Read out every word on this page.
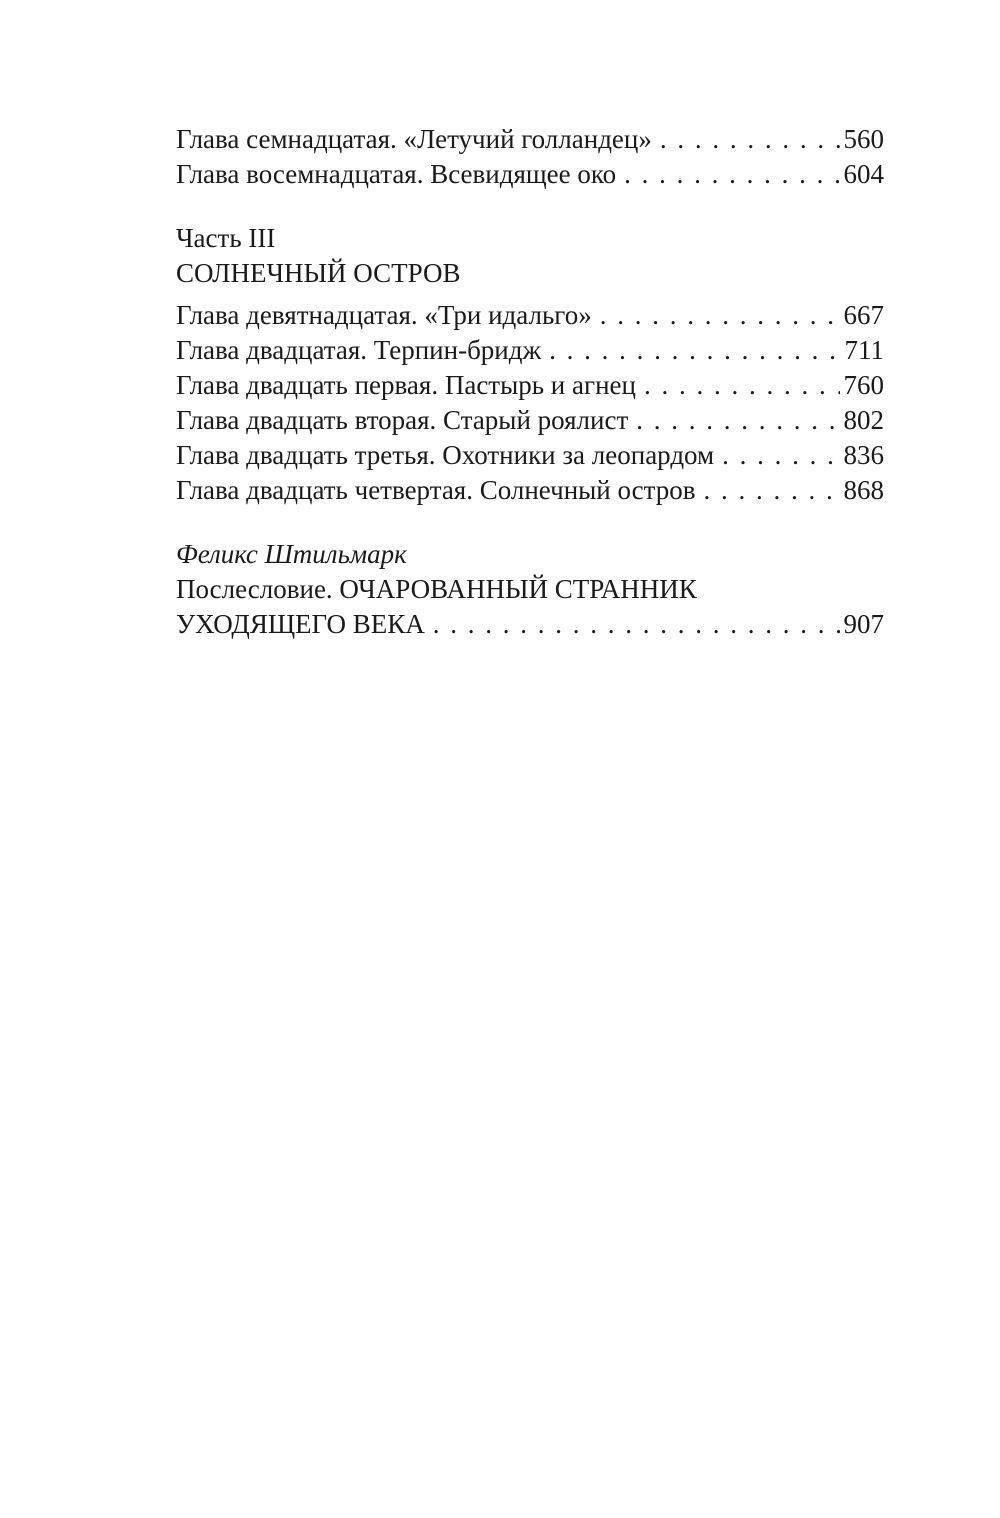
Глава семнадцатая. «Летучий голландец» . . .	560
Глава восемнадцатая. Всевидящее око . . .	604
Часть III
СОЛНЕЧНЫЙ ОСТРОВ
Глава девятнадцатая. «Три идальго» . . .	667
Глава двадцатая. Терпин-бридж . . .	711
Глава двадцать первая. Пастырь и агнец . . .	760
Глава двадцать вторая. Старый роялист . . .	802
Глава двадцать третья. Охотники за леопардом . . .	836
Глава двадцать четвертая. Солнечный остров . . .	868
Феликс Штильмарк
Послесловие. ОЧАРОВАННЫЙ СТРАННИК
УХОДЯЩЕГО ВЕКА . . .	907
